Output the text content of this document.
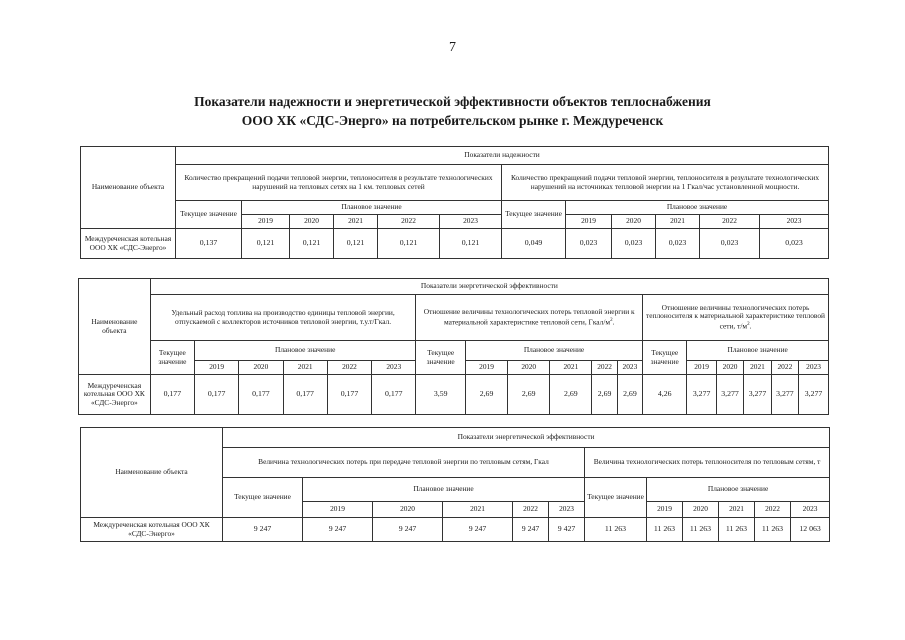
7
Показатели надежности и энергетической эффективности объектов теплоснабжения
ООО ХК «СДС-Энерго» на потребительском рынке г. Междуреченск
Наименование объекта	Показатели надежности											
	Количество прекращений подачи тепловой энергии, теплоносителя в результате технологических нарушений на тепловых сетях на 1 км. тепловых сетей						Количество прекращений подачи тепловой энергии, теплоносителя в результате технологических нарушений на источниках тепловой энергии на 1 Гкал/час установленной мощности.					
	Текущее значение	Плановое значение					Текущее значение	Плановое значение				
		2019	2020	2021	2022	2023		2019	2020	2021	2022	2023
Междуреченская котельная ООО ХК «СДС-Энерго»	0,137	0,121	0,121	0,121	0,121	0,121	0,049	0,023	0,023	0,023	0,023	0,023
Наименование объекта	Показатели энергетической эффективности																	
	Удельный расход топлива на производство единицы тепловой энергии, отпускаемой с коллекторов источников тепловой энергии, т.у.т/Гкал.						Отношение величины технологических потерь тепловой энергии к материальной характеристике тепловой сети, Гкал/$м^2$.						Отношение величины технологических потерь теплоносителя к материальной характеристике тепловой сети, $т/м^2$.					
	Текущее значение	Плановое значение					Текущее значение	Плановое значение					Текущее значение	Плановое значение				
		2019	2020	2021	2022	2023		2019	2020	2021	2022	2023		2019	2020	2021	2022	2023
Междуреченская котельная ООО ХК «СДС-Энерго»	0,177	0,177	0,177	0,177	0,177	0,177	3,59	2,69	2,69	2,69	2,69	2,69	4,26	3,277	3,277	3,277	3,277	3,277
Наименование объекта	Показатели энергетической эффективности											
	Величина технологических потерь при передаче тепловой энергии по тепловым сетям, Гкал						Величина технологических потерь теплоносителя по тепловым сетям, т					
	Текущее значение	Плановое значение					Текущее значение	Плановое значение				
		2019	2020	2021	2022	2023		2019	2020	2021	2022	2023
Междуреченская котельная ООО ХК «СДС-Энерго»	9 247	9 247	9 247	9 247	9 247	9 427	11 263	11 263	11 263	11 263	11 263	12 063
